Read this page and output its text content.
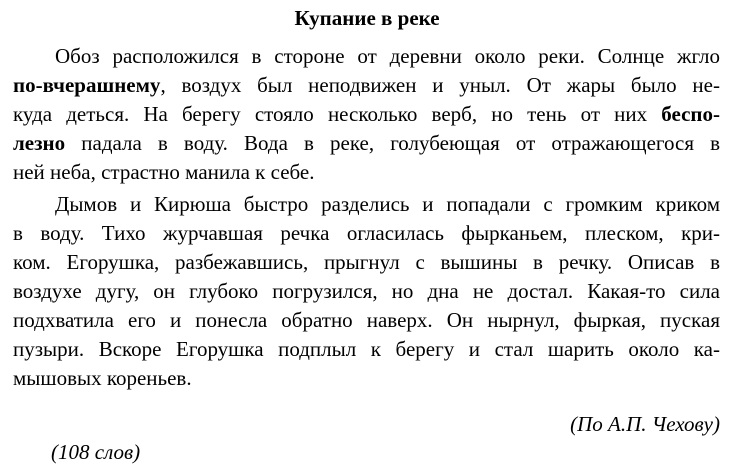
Купание в реке
Обоз расположился в стороне от деревни около реки. Солнце жгло
по-вчерашнему, воздух был неподвижен и уныл. От жары было не-
куда деться. На берегу стояло несколько верб, но тень от них беспо-
лезно падала в воду. Вода в реке, голубеющая от отражающегося в
ней неба, страстно манила к себе.
Дымов и Кирюша быстро разделись и попадали с громким криком
в воду. Тихо журчавшая речка огласилась фырканьем, плеском, кри-
ком. Егорушка, разбежавшись, прыгнул с вышины в речку. Описав в
воздухе дугу, он глубоко погрузился, но дна не достал. Какая-то сила
подхватила его и понесла обратно наверх. Он нырнул, фыркая, пуская
пузыри. Вскоре Егорушка подплыл к берегу и стал шарить около ка-
мышовых кореньев.
(По А.П. Чехову)
(108 слов)
